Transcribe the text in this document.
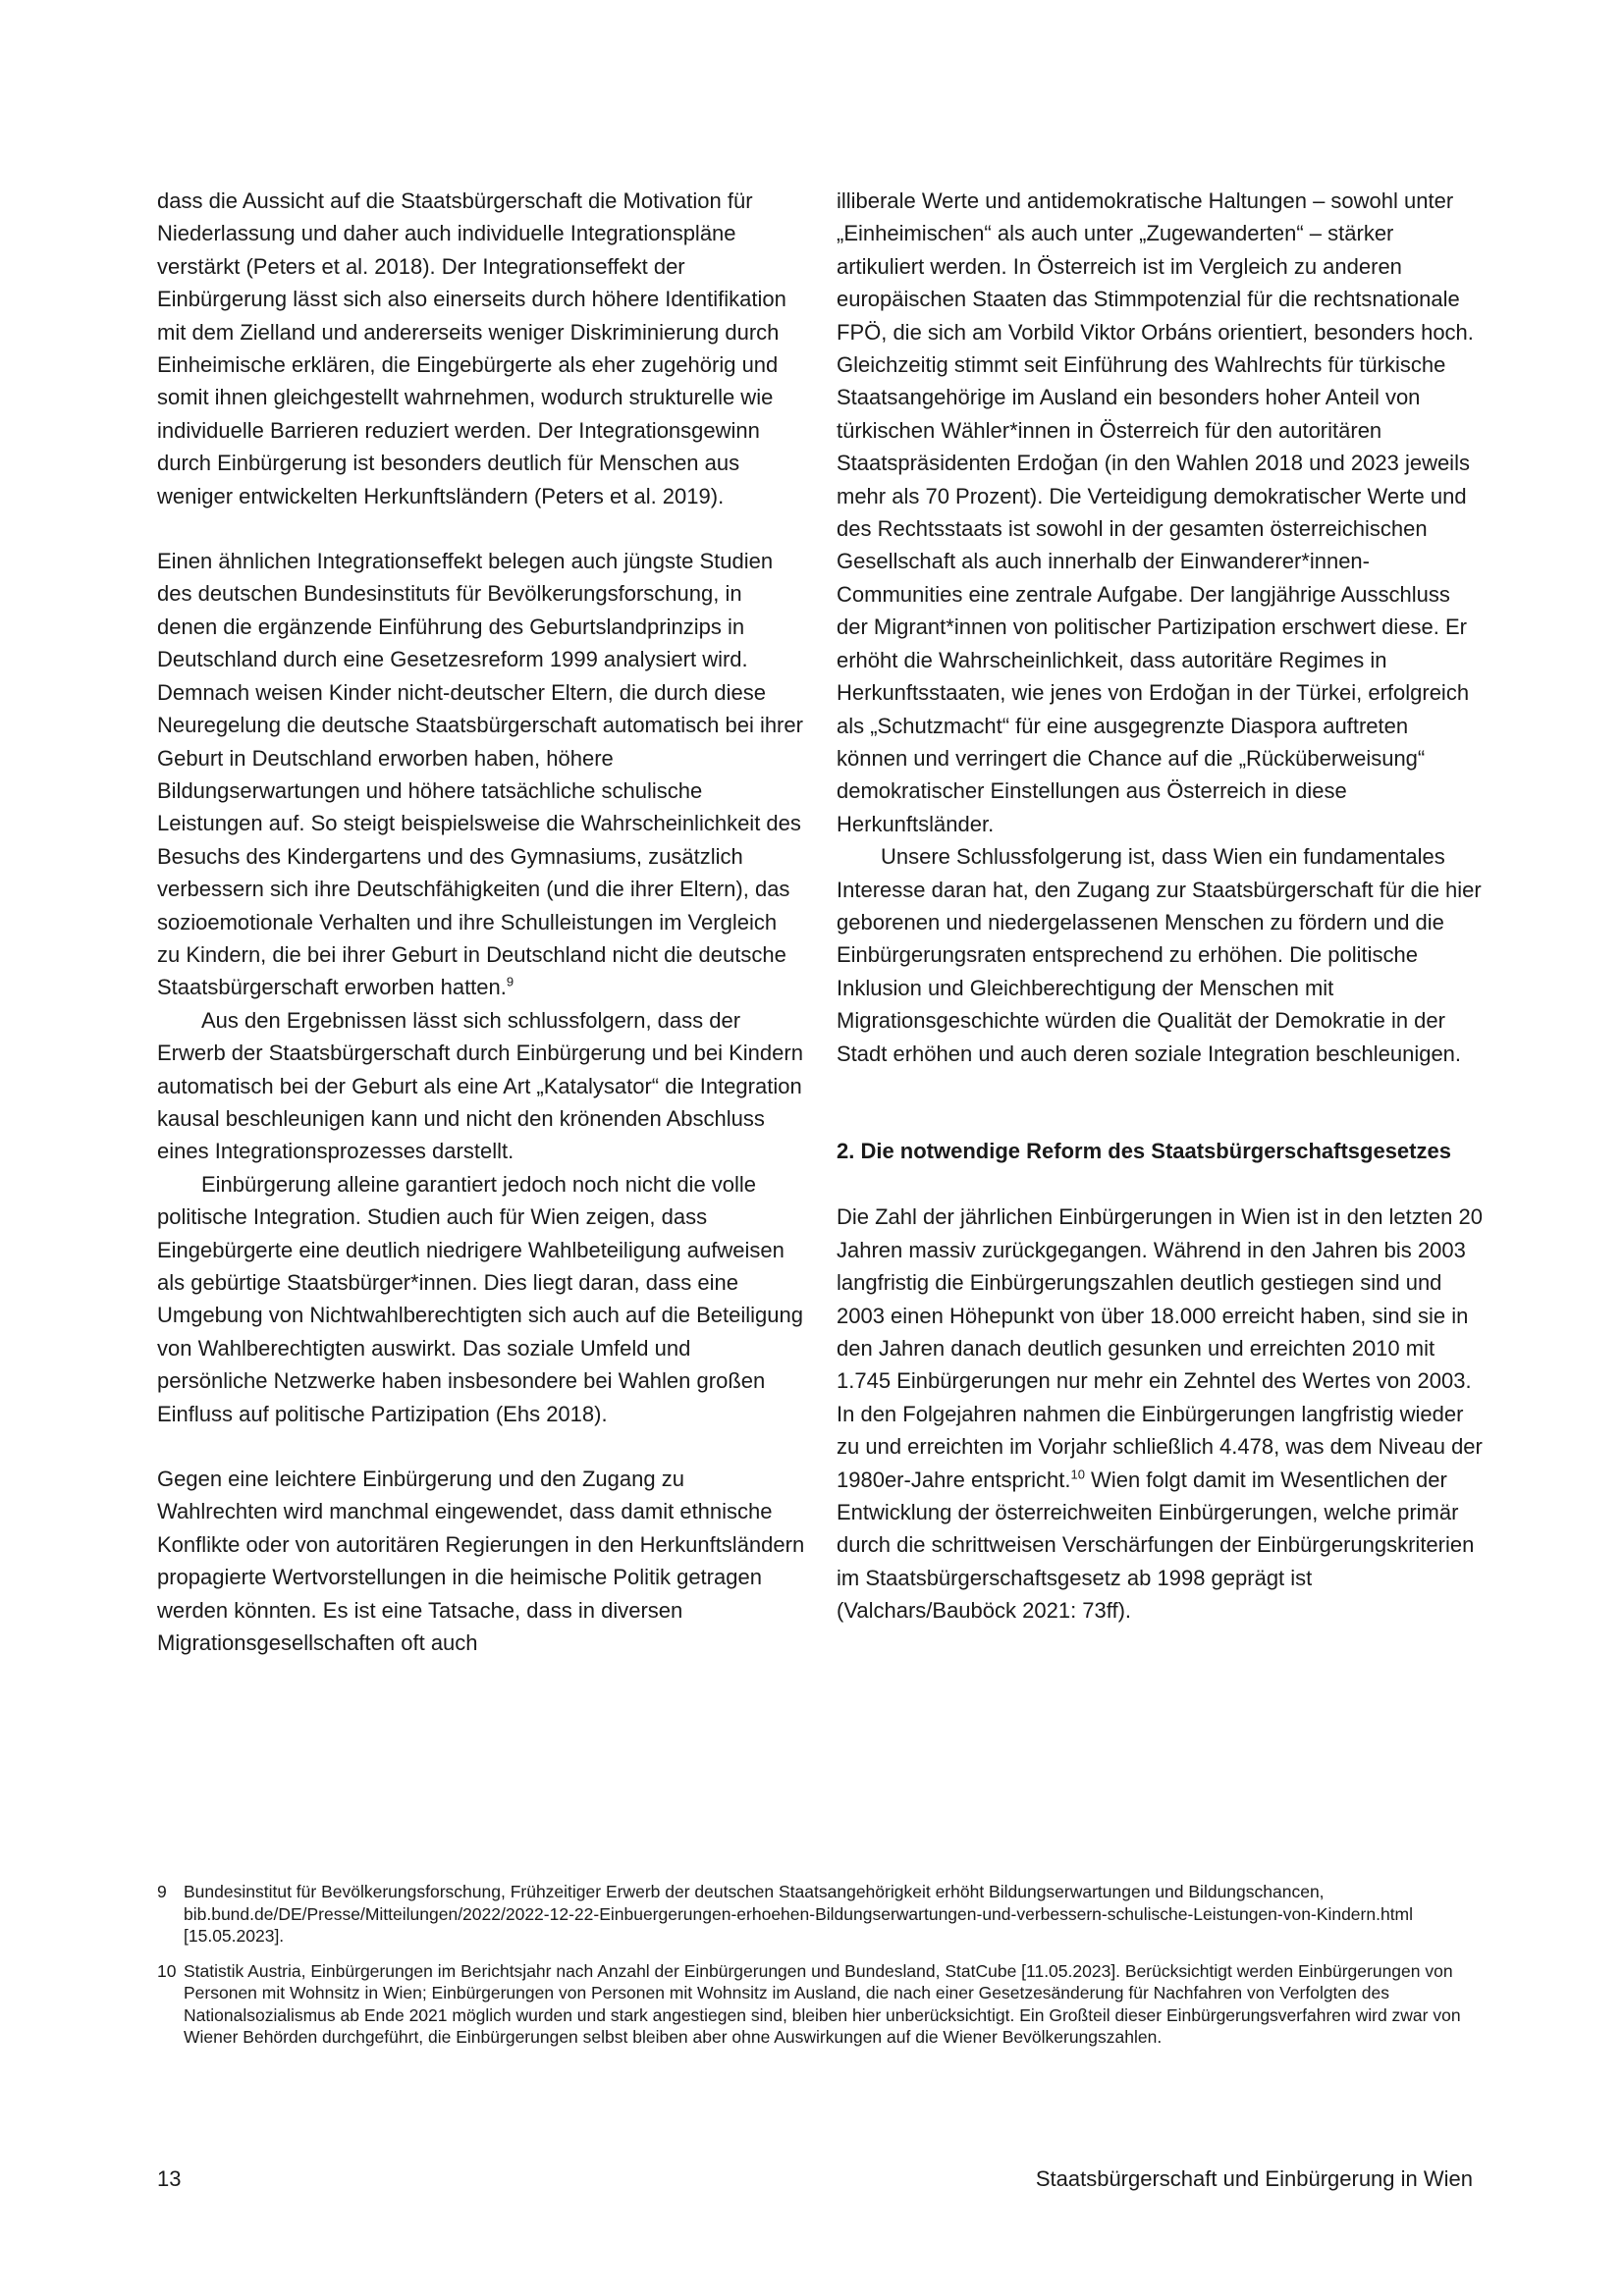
dass die Aussicht auf die Staatsbürgerschaft die Motivation für Niederlassung und daher auch individuelle Integrationspläne verstärkt (Peters et al. 2018). Der Integrationseffekt der Einbürgerung lässt sich also einerseits durch höhere Identifikation mit dem Zielland und andererseits weniger Diskriminierung durch Einheimische erklären, die Eingebürgerte als eher zugehörig und somit ihnen gleichgestellt wahrnehmen, wodurch strukturelle wie individuelle Barrieren reduziert werden. Der Integrationsgewinn durch Einbürgerung ist besonders deutlich für Menschen aus weniger entwickelten Herkunftsländern (Peters et al. 2019).

Einen ähnlichen Integrationseffekt belegen auch jüngste Studien des deutschen Bundesinstituts für Bevölkerungsforschung, in denen die ergänzende Einführung des Geburtslandprinzips in Deutschland durch eine Gesetzesreform 1999 analysiert wird. Demnach weisen Kinder nicht-deutscher Eltern, die durch diese Neuregelung die deutsche Staatsbürgerschaft automatisch bei ihrer Geburt in Deutschland erworben haben, höhere Bildungserwartungen und höhere tatsächliche schulische Leistungen auf. So steigt beispielsweise die Wahrscheinlichkeit des Besuchs des Kindergartens und des Gymnasiums, zusätzlich verbessern sich ihre Deutschfähigkeiten (und die ihrer Eltern), das sozioemotionale Verhalten und ihre Schulleistungen im Vergleich zu Kindern, die bei ihrer Geburt in Deutschland nicht die deutsche Staatsbürgerschaft erworben hatten.$^9$

Aus den Ergebnissen lässt sich schlussfolgern, dass der Erwerb der Staatsbürgerschaft durch Einbürgerung und bei Kindern automatisch bei der Geburt als eine Art „Katalysator“ die Integration kausal beschleunigen kann und nicht den krönenden Abschluss eines Integrationsprozesses darstellt.

Einbürgerung alleine garantiert jedoch noch nicht die volle politische Integration. Studien auch für Wien zeigen, dass Eingebürgerte eine deutlich niedrigere Wahlbeteiligung aufweisen als gebürtige Staatsbürger*innen. Dies liegt daran, dass eine Umgebung von Nichtwahlberechtigten sich auch auf die Beteiligung von Wahlberechtigten auswirkt. Das soziale Umfeld und persönliche Netzwerke haben insbesondere bei Wahlen großen Einfluss auf politische Partizipation (Ehs 2018).

Gegen eine leichtere Einbürgerung und den Zugang zu Wahlrechten wird manchmal eingewendet, dass damit ethnische Konflikte oder von autoritären Regierungen in den Herkunftsländern propagierte Wertvorstellungen in die heimische Politik getragen werden könnten. Es ist eine Tatsache, dass in diversen Migrationsgesellschaften oft auch

illiberale Werte und antidemokratische Haltungen – sowohl unter „Einheimischen“ als auch unter „Zugewanderten“ – stärker artikuliert werden. In Österreich ist im Vergleich zu anderen europäischen Staaten das Stimmpotenzial für die rechtsnationale FPÖ, die sich am Vorbild Viktor Orbáns orientiert, besonders hoch. Gleichzeitig stimmt seit Einführung des Wahlrechts für türkische Staatsangehörige im Ausland ein besonders hoher Anteil von türkischen Wähler*innen in Österreich für den autoritären Staatspräsidenten Erdoğan (in den Wahlen 2018 und 2023 jeweils mehr als 70 Prozent). Die Verteidigung demokratischer Werte und des Rechtsstaats ist sowohl in der gesamten österreichischen Gesellschaft als auch innerhalb der Einwanderer*innen-Communities eine zentrale Aufgabe. Der langjährige Ausschluss der Migrant*innen von politischer Partizipation erschwert diese. Er erhöht die Wahrscheinlichkeit, dass autoritäre Regimes in Herkunftsstaaten, wie jenes von Erdoğan in der Türkei, erfolgreich als „Schutzmacht“ für eine ausgegrenzte Diaspora auftreten können und verringert die Chance auf die „Rücküberweisung“ demokratischer Einstellungen aus Österreich in diese Herkunftsländer.

Unsere Schlussfolgerung ist, dass Wien ein fundamentales Interesse daran hat, den Zugang zur Staatsbürgerschaft für die hier geborenen und niedergelassenen Menschen zu fördern und die Einbürgerungsraten entsprechend zu erhöhen. Die politische Inklusion und Gleichberechtigung der Menschen mit Migrationsgeschichte würden die Qualität der Demokratie in der Stadt erhöhen und auch deren soziale Integration beschleunigen.

2. Die notwendige Reform des Staatsbürgerschaftsgesetzes

Die Zahl der jährlichen Einbürgerungen in Wien ist in den letzten 20 Jahren massiv zurückgegangen. Während in den Jahren bis 2003 langfristig die Einbürgerungszahlen deutlich gestiegen sind und 2003 einen Höhepunkt von über 18.000 erreicht haben, sind sie in den Jahren danach deutlich gesunken und erreichten 2010 mit 1.745 Einbürgerungen nur mehr ein Zehntel des Wertes von 2003. In den Folgejahren nahmen die Einbürgerungen langfristig wieder zu und erreichten im Vorjahr schließlich 4.478, was dem Niveau der 1980er-Jahre entspricht.$^{10}$ Wien folgt damit im Wesentlichen der Entwicklung der österreichweiten Einbürgerungen, welche primär durch die schrittweisen Verschärfungen der Einbürgerungskriterien im Staatsbürgerschaftsgesetz ab 1998 geprägt ist (Valchars/Bauböck 2021: 73ff).

9 Bundesinstitut für Bevölkerungsforschung, Frühzeitiger Erwerb der deutschen Staatsangehörigkeit erhöht Bildungserwartungen und Bildungschancen, bib.bund.de/DE/Presse/Mitteilungen/2022/2022-12-22-Einbuergerungen-erhoehen-Bildungserwartungen-und-verbessern-schulische-Leistungen-von-Kindern.html [15.05.2023].
10 Statistik Austria, Einbürgerungen im Berichtsjahr nach Anzahl der Einbürgerungen und Bundesland, StatCube [11.05.2023]. Berücksichtigt werden Einbürgerungen von Personen mit Wohnsitz in Wien; Einbürgerungen von Personen mit Wohnsitz im Ausland, die nach einer Gesetzesänderung für Nachfahren von Verfolgten des Nationalsozialismus ab Ende 2021 möglich wurden und stark angestiegen sind, bleiben hier unberücksichtigt. Ein Großteil dieser Einbürgerungsverfahren wird zwar von Wiener Behörden durchgeführt, die Einbürgerungen selbst bleiben aber ohne Auswirkungen auf die Wiener Bevölkerungszahlen.
13	Staatsbürgerschaft und Einbürgerung in Wien
